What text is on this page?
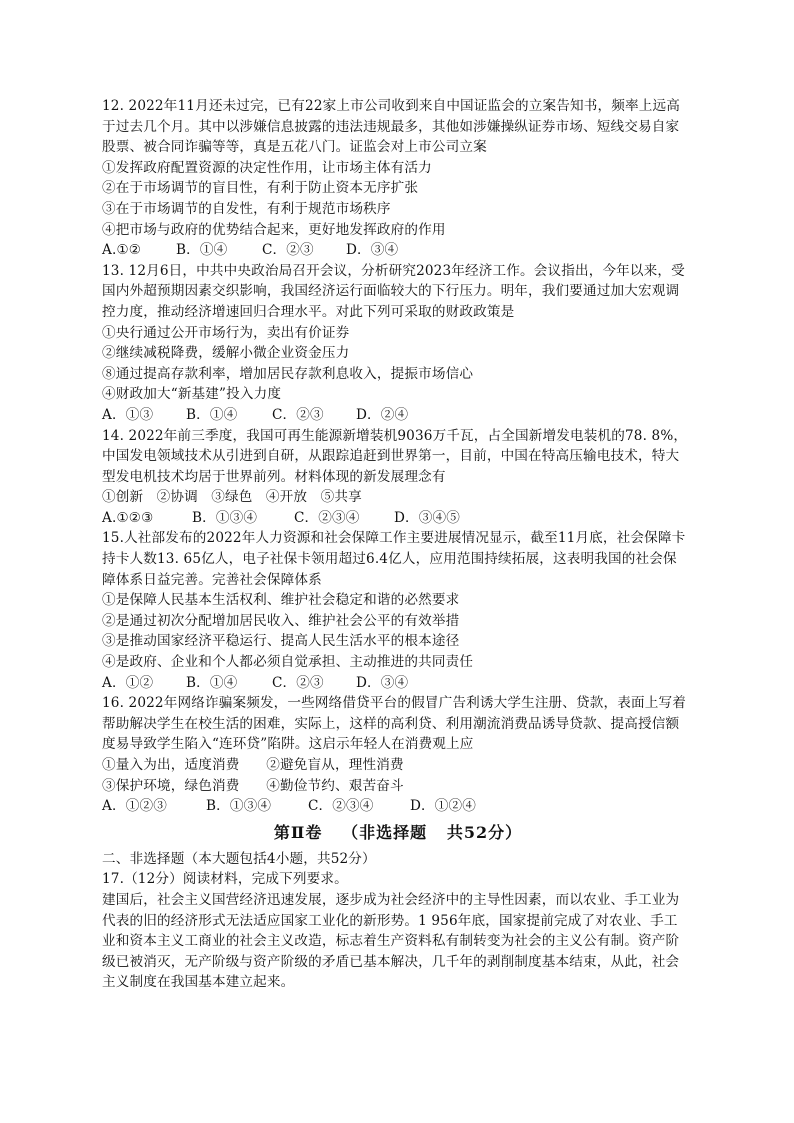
12. 2022年11月还未过完，已有22家上市公司收到来自中国证监会的立案告知书，频率上远高
于过去几个月。其中以涉嫌信息披露的违法违规最多，其他如涉嫌操纵证券市场、短线交易自家
股票、被合同诈骗等等，真是五花八门。证监会对上市公司立案
①发挥政府配置资源的决定性作用，让市场主体有活力
②在于市场调节的盲目性，有利于防止资本无序扩张
③在于市场调节的自发性，有利于规范市场秩序
④把市场与政府的优势结合起来，更好地发挥政府的作用
A.①②	B．①④	C．②③ D．③④
13. 12月6日，中共中央政治局召开会议，分析研究2023年经济工作。会议指出，今年以来，受
国内外超预期因素交织影响，我国经济运行面临较大的下行压力。明年，我们要通过加大宏观调
控力度，推动经济增速回归合理水平。对此下列可采取的财政政策是
①央行通过公开市场行为，卖出有价证券
②继续减税降费，缓解小微企业资金压力
⑧通过提高存款利率，增加居民存款利息收入，提振市场信心
④财政加大“新基建”投入力度
A．①③ B．①④	C．②③ D．②④
14. 2022年前三季度，我国可再生能源新增装机9036万千瓦，占全国新增发电装机的78. 8%，
中国发电领域技术从引进到自研，从跟踪追赶到世界第一，目前，中国在特高压输电技术，特大
型发电机技术均居于世界前列。材料体现的新发展理念有
①创新   ②协调   ③绿色   ④开放   ⑤共享
A.①②③	B．①③④	C．②③④	D．③④⑤
15.人社部发布的2022年人力资源和社会保障工作主要进展情况显示，截至11月底，社会保障卡
持卡人数13. 65亿人，电子社保卡领用超过6.4亿人，应用范围持续拓展，这表明我国的社会保
障体系日益完善。完善社会保障体系
①是保障人民基本生活权利、维护社会稳定和谐的必然要求
②是通过初次分配增加居民收入、维护社会公平的有效举措
③是推动国家经济平稳运行、提高人民生活水平的根本途径
④是政府、企业和个人都必须自觉承担、主动推进的共同责任
A．①② B．①④	C．②③ D．③④
16. 2022年网络诈骗案频发，一些网络借贷平台的假冒广告利诱大学生注册、贷款，表面上写着
帮助解决学生在校生活的困难，实际上，这样的高利贷、利用潮流消费品诱导贷款、提高授信额
度易导致学生陷入“连环贷”陷阱。这启示年轻人在消费观上应
①量入为出，适度消费      ②避免盲从，理性消费
③保护环境，绿色消费      ④勤俭节约、艰苦奋斗
A．①②③	B．①③④	C．②③④	D．①②④
第Ⅱ卷   （非选择题   共52分）
二、非选择题（本大题包括4小题，共52分）
17.（12分）阅读材料，完成下列要求。
建国后，社会主义国营经济迅速发展，逐步成为社会经济中的主导性因素，而以农业、手工业为
代表的旧的经济形式无法适应国家工业化的新形势。1 956年底，国家提前完成了对农业、手工
业和资本主义工商业的社会主义改造，标志着生产资料私有制转变为社会的主义公有制。资产阶
级已被消灭，无产阶级与资产阶级的矛盾已基本解决，几千年的剥削制度基本结束，从此，社会
主义制度在我国基本建立起来。
